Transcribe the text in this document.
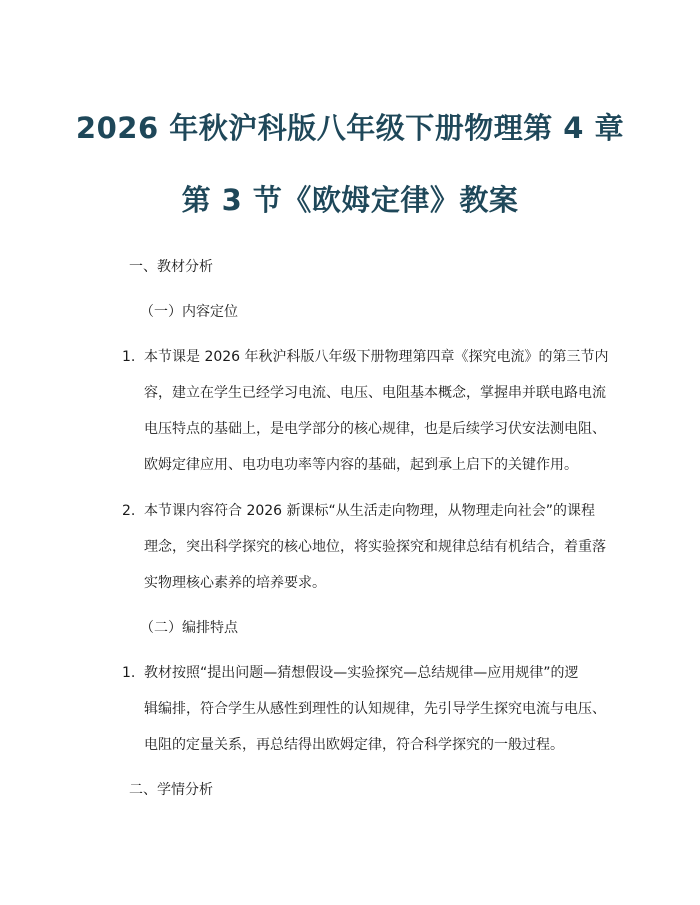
2026 年秋沪科版八年级下册物理第 4 章
第 3 节《欧姆定律》教案
一、教材分析
（一）内容定位
1. 本节课是 2026 年秋沪科版八年级下册物理第四章《探究电流》的第三节内
容，建立在学生已经学习电流、电压、电阻基本概念，掌握串并联电路电流
电压特点的基础上，是电学部分的核心规律，也是后续学习伏安法测电阻、
欧姆定律应用、电功电功率等内容的基础，起到承上启下的关键作用。
2. 本节课内容符合 2026 新课标“从生活走向物理，从物理走向社会”的课程
理念，突出科学探究的核心地位，将实验探究和规律总结有机结合，着重落
实物理核心素养的培养要求。
（二）编排特点
1. 教材按照“提出问题—猜想假设—实验探究—总结规律—应用规律”的逻
辑编排，符合学生从感性到理性的认知规律，先引导学生探究电流与电压、
电阻的定量关系，再总结得出欧姆定律，符合科学探究的一般过程。
二、学情分析
